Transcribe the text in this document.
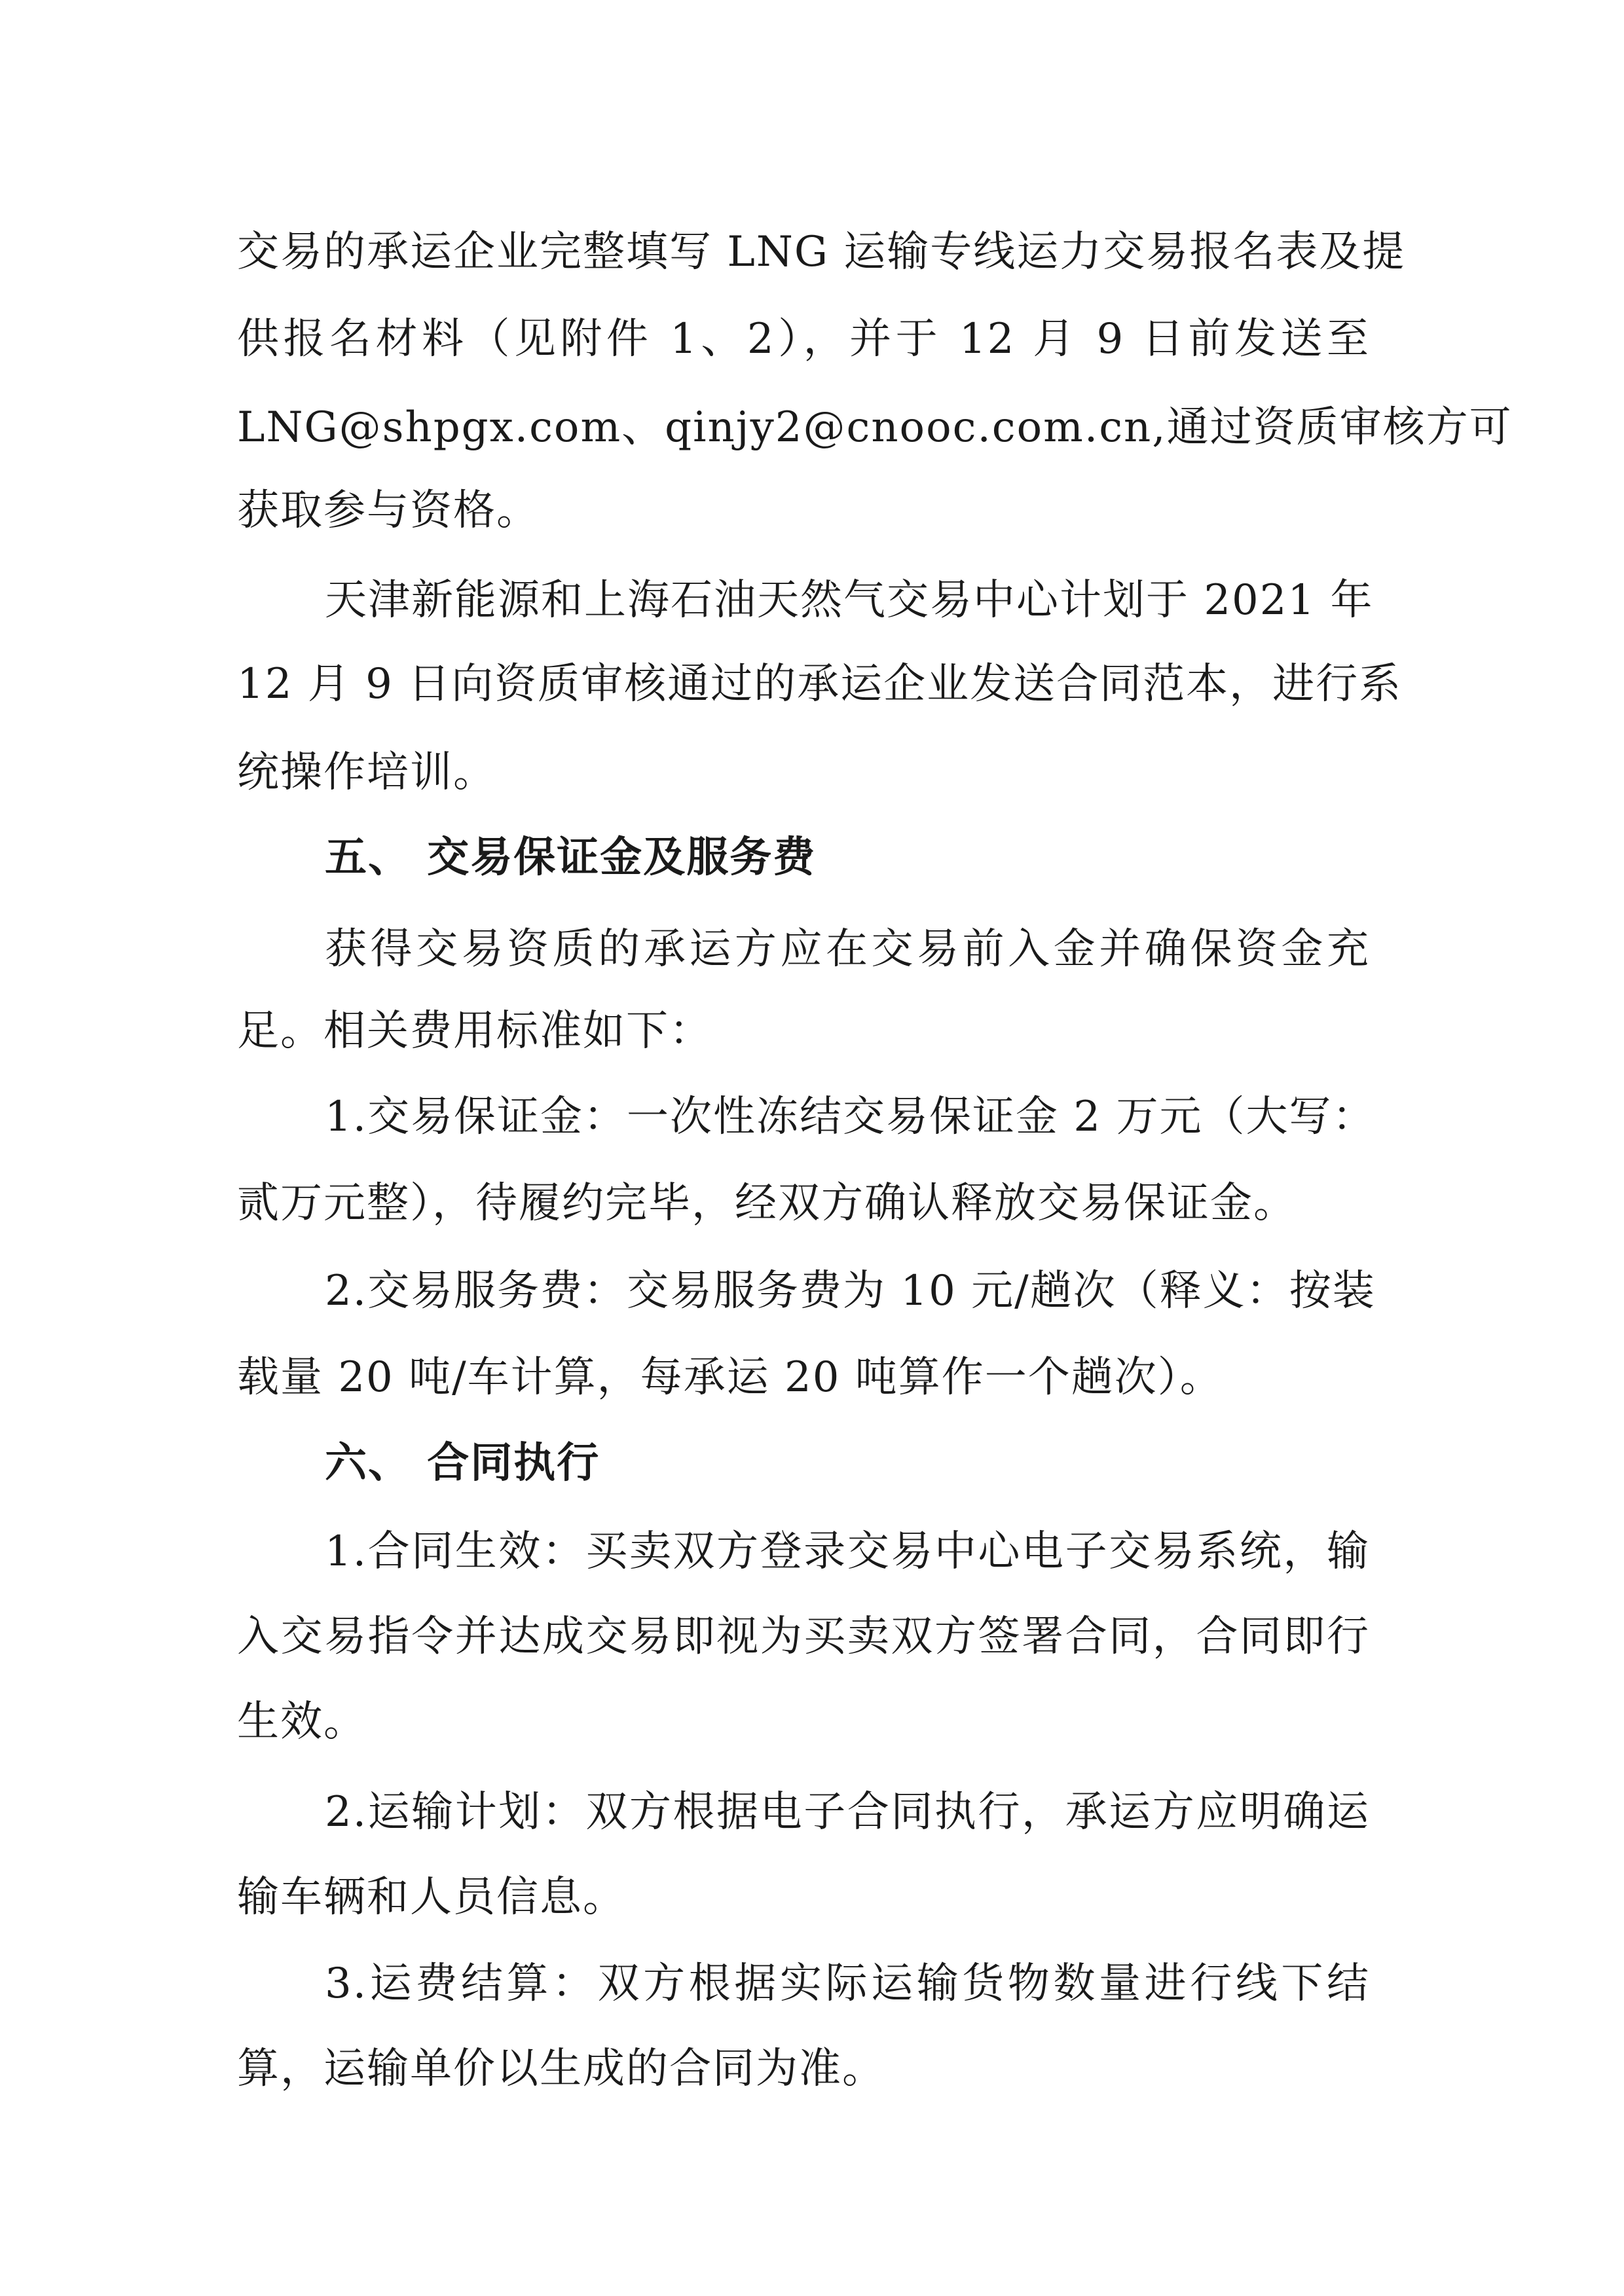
交易的承运企业完整填写 LNG 运输专线运力交易报名表及提
供报名材料（见附件 1、2），并于 12 月 9 日前发送至
LNG@shpgx.com、qinjy2@cnooc.com.cn,通过资质审核方可
获取参与资格。
天津新能源和上海石油天然气交易中心计划于 2021 年
12 月 9 日向资质审核通过的承运企业发送合同范本，进行系
统操作培训。
五、 交易保证金及服务费
获得交易资质的承运方应在交易前入金并确保资金充
足。相关费用标准如下：
1.交易保证金：一次性冻结交易保证金 2 万元（大写：
贰万元整），待履约完毕，经双方确认释放交易保证金。
2.交易服务费：交易服务费为 10 元/趟次（释义：按装
载量 20 吨/车计算，每承运 20 吨算作一个趟次）。
六、 合同执行
1.合同生效：买卖双方登录交易中心电子交易系统，输
入交易指令并达成交易即视为买卖双方签署合同，合同即行
生效。
2.运输计划：双方根据电子合同执行，承运方应明确运
输车辆和人员信息。
3.运费结算：双方根据实际运输货物数量进行线下结
算，运输单价以生成的合同为准。
